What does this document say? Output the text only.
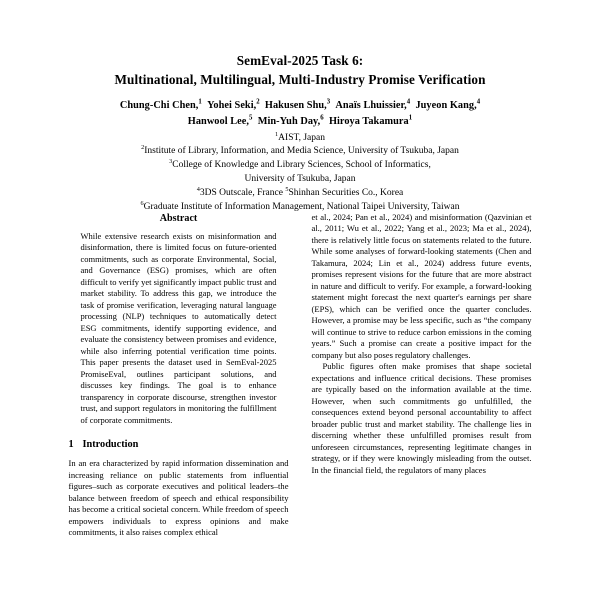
SemEval-2025 Task 6:
Multinational, Multilingual, Multi-Industry Promise Verification
Chung-Chi Chen,$^1$  Yohei Seki,$^2$  Hakusen Shu,$^3$  Anaïs Lhuissier,$^4$  Juyeon Kang,$^4$
Hanwool Lee,$^5$  Min-Yuh Day,$^6$  Hiroya Takamura$^1$
$^1$AIST, Japan
$^2$Institute of Library, Information, and Media Science, University of Tsukuba, Japan
$^3$College of Knowledge and Library Sciences, School of Informatics,
University of Tsukuba, Japan
$^4$3DS Outscale, France $^5$Shinhan Securities Co., Korea
$^6$Graduate Institute of Information Management, National Taipei University, Taiwan
Abstract

While extensive research exists on misinformation and disinformation, there is limited focus on future-oriented commitments, such as corporate Environmental, Social, and Governance (ESG) promises, which are often difficult to verify yet significantly impact public trust and market stability. To address this gap, we introduce the task of promise verification, leveraging natural language processing (NLP) techniques to automatically detect ESG commitments, identify supporting evidence, and evaluate the consistency between promises and evidence, while also inferring potential verification time points. This paper presents the dataset used in SemEval-2025 PromiseEval, outlines participant solutions, and discusses key findings. The goal is to enhance transparency in corporate discourse, strengthen investor trust, and support regulators in monitoring the fulfillment of corporate commitments.

1 Introduction

In an era characterized by rapid information dissemination and increasing reliance on public statements from influential figures–such as corporate executives and political leaders–the balance between freedom of speech and ethical responsibility has become a critical societal concern. While freedom of speech empowers individuals to express opinions and make commitments, it also raises complex ethical

et al., 2024; Pan et al., 2024) and misinformation (Qazvinian et al., 2011; Wu et al., 2022; Yang et al., 2023; Ma et al., 2024), there is relatively little focus on statements related to the future. While some analyses of forward-looking statements (Chen and Takamura, 2024; Lin et al., 2024) address future events, promises represent visions for the future that are more abstract in nature and difficult to verify. For example, a forward-looking statement might forecast the next quarter's earnings per share (EPS), which can be verified once the quarter concludes. However, a promise may be less specific, such as “the company will continue to strive to reduce carbon emissions in the coming years.” Such a promise can create a positive impact for the company but also poses regulatory challenges.

Public figures often make promises that shape societal expectations and influence critical decisions. These promises are typically based on the information available at the time. However, when such commitments go unfulfilled, the consequences extend beyond personal accountability to affect broader public trust and market stability. The challenge lies in discerning whether these unfulfilled promises result from unforeseen circumstances, representing legitimate changes in strategy, or if they were knowingly misleading from the outset. In the financial field, the regulators of many places
